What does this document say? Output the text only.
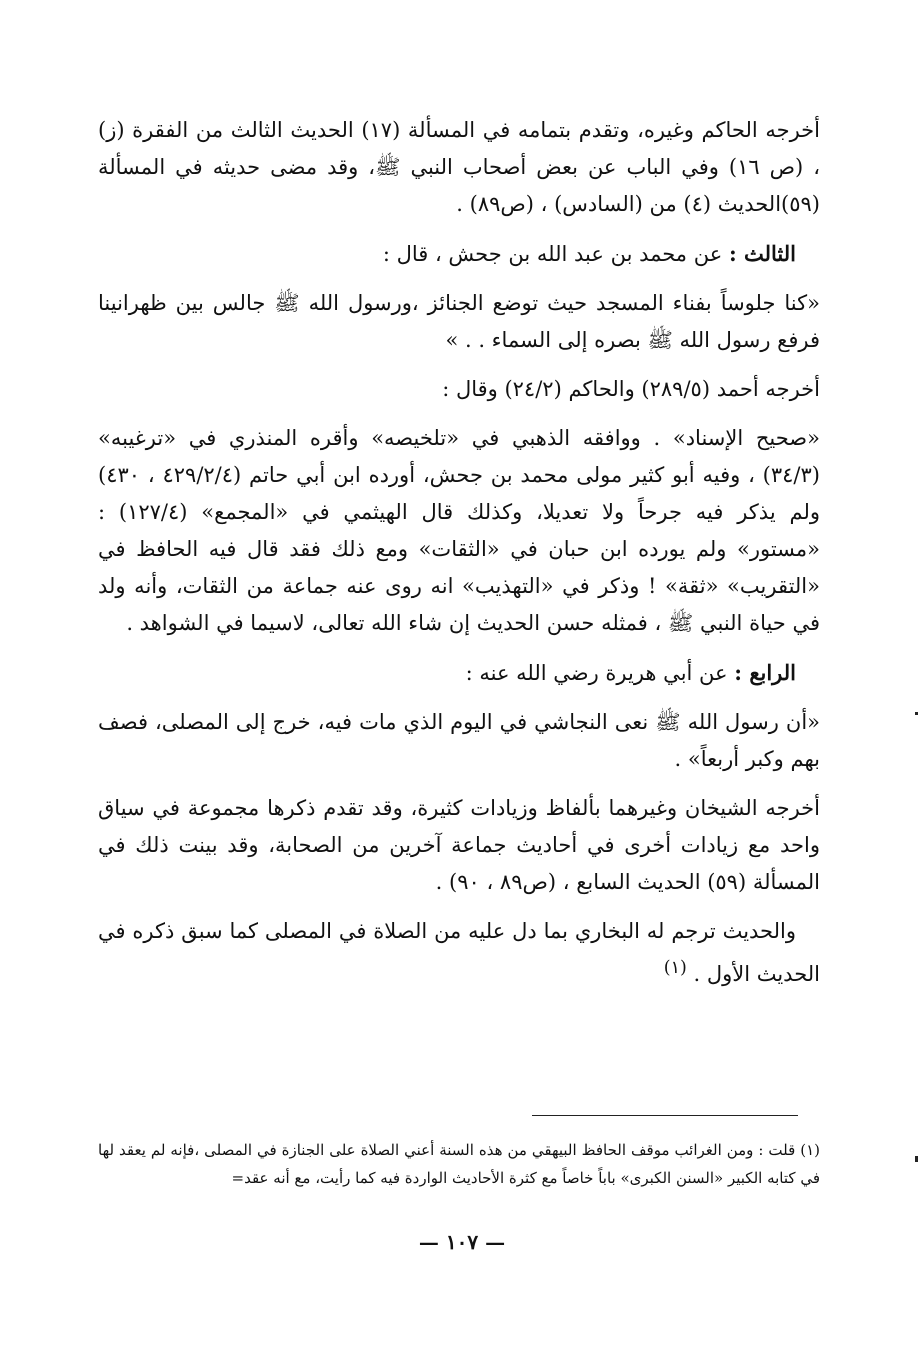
أخرجه الحاكم وغيره، وتقدم بتمامه في المسألة (١٧) الحديث الثالث من الفقرة (ز) ، (ص ١٦) وفي الباب عن بعض أصحاب النبي ﷺ، وقد مضى حديثه في المسألة (٥٩)الحديث (٤) من (السادس) ، (ص٨٩) .

الثالث : عن محمد بن عبد الله بن جحش ، قال :

«كنا جلوساً بفناء المسجد حيث توضع الجنائز ،ورسول الله ﷺ جالس بين ظهرانينا فرفع رسول الله ﷺ بصره إلى السماء . . »

أخرجه أحمد (٢٨٩/٥) والحاكم (٢٤/٢) وقال :

«صحيح الإسناد» . ووافقه الذهبي في «تلخيصه» وأقره المنذري في «ترغيبه» (٣٤/٣) ، وفيه أبو كثير مولى محمد بن جحش، أورده ابن أبي حاتم (٤٢٩/٢/٤ ، ٤٣٠) ولم يذكر فيه جرحاً ولا تعديلا، وكذلك قال الهيثمي في «المجمع» (١٢٧/٤) : «مستور» ولم يورده ابن حبان في «الثقات» ومع ذلك فقد قال فيه الحافظ في «التقريب» «ثقة» ! وذكر في «التهذيب» انه روى عنه جماعة من الثقات، وأنه ولد في حياة النبي ﷺ ، فمثله حسن الحديث إن شاء الله تعالى، لاسيما في الشواهد .

الرابع : عن أبي هريرة رضي الله عنه :

«أن رسول الله ﷺ نعى النجاشي في اليوم الذي مات فيه، خرج إلى المصلى، فصف بهم وكبر أربعاً» .

أخرجه الشيخان وغيرهما بألفاظ وزيادات كثيرة، وقد تقدم ذكرها مجموعة في سياق واحد مع زيادات أخرى في أحاديث جماعة آخرين من الصحابة، وقد بينت ذلك في المسألة (٥٩) الحديث السابع ، (ص٨٩ ، ٩٠) .

والحديث ترجم له البخاري بما دل عليه من الصلاة في المصلى كما سبق ذكره في الحديث الأول . $^{(١)}$

(١) قلت : ومن الغرائب موقف الحافظ البيهقي من هذه السنة أعني الصلاة على الجنازة في المصلى ،فإنه لم يعقد لها في كتابه الكبير «السنن الكبرى» باباً خاصاً مع كثرة الأحاديث الواردة فيه كما رأيت، مع أنه عقد=
— ١٠٧ —
